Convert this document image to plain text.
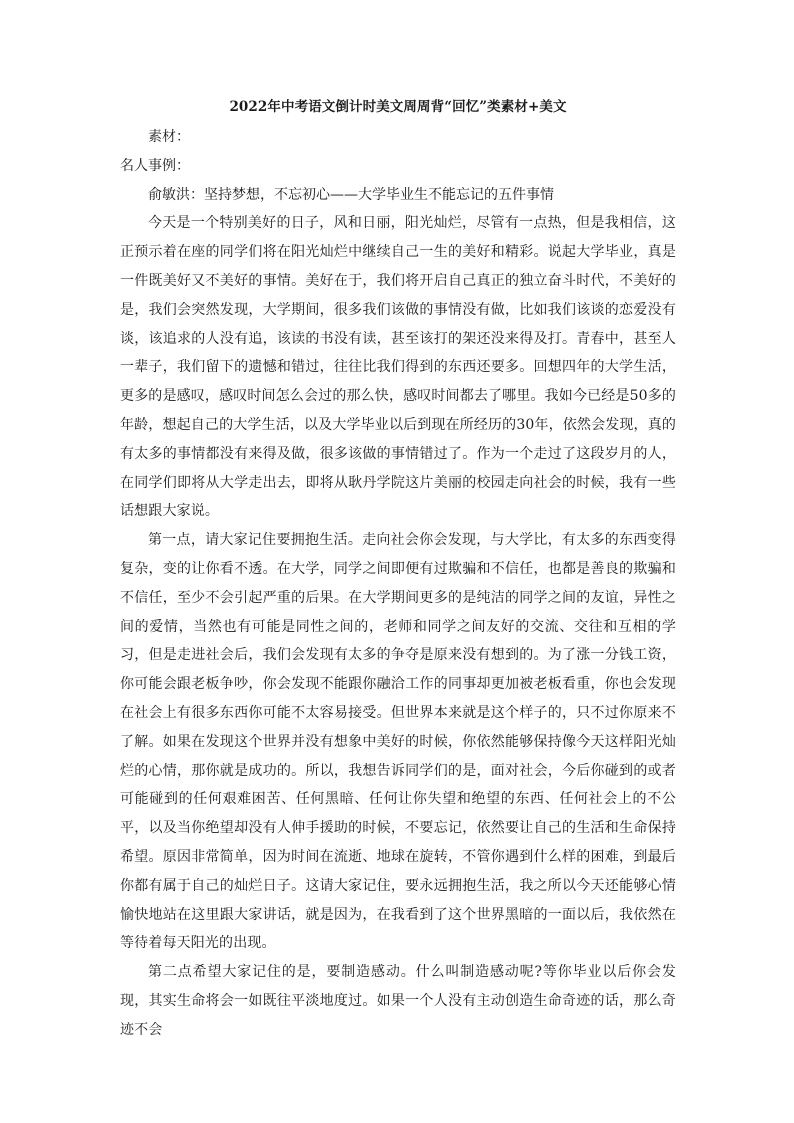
2022年中考语文倒计时美文周周背“回忆”类素材+美文
素材：
名人事例：
俞敏洪：坚持梦想，不忘初心——大学毕业生不能忘记的五件事情

今天是一个特别美好的日子，风和日丽，阳光灿烂，尽管有一点热，但是我相信，这正预示着在座的同学们将在阳光灿烂中继续自己一生的美好和精彩。说起大学毕业，真是一件既美好又不美好的事情。美好在于，我们将开启自己真正的独立奋斗时代，不美好的是，我们会突然发现，大学期间，很多我们该做的事情没有做，比如我们该谈的恋爱没有谈，该追求的人没有追，该读的书没有读，甚至该打的架还没来得及打。青春中，甚至人一辈子，我们留下的遗憾和错过，往往比我们得到的东西还要多。回想四年的大学生活，更多的是感叹，感叹时间怎么会过的那么快，感叹时间都去了哪里。我如今已经是50多的年龄，想起自己的大学生活，以及大学毕业以后到现在所经历的30年，依然会发现，真的有太多的事情都没有来得及做，很多该做的事情错过了。作为一个走过了这段岁月的人，在同学们即将从大学走出去，即将从耿丹学院这片美丽的校园走向社会的时候，我有一些话想跟大家说。

第一点，请大家记住要拥抱生活。走向社会你会发现，与大学比，有太多的东西变得复杂，变的让你看不透。在大学，同学之间即便有过欺骗和不信任，也都是善良的欺骗和不信任，至少不会引起严重的后果。在大学期间更多的是纯洁的同学之间的友谊，异性之间的爱情，当然也有可能是同性之间的，老师和同学之间友好的交流、交往和互相的学习，但是走进社会后，我们会发现有太多的争夺是原来没有想到的。为了涨一分钱工资，你可能会跟老板争吵，你会发现不能跟你融洽工作的同事却更加被老板看重，你也会发现在社会上有很多东西你可能不太容易接受。但世界本来就是这个样子的，只不过你原来不了解。如果在发现这个世界并没有想象中美好的时候，你依然能够保持像今天这样阳光灿烂的心情，那你就是成功的。所以，我想告诉同学们的是，面对社会，今后你碰到的或者可能碰到的任何艰难困苦、任何黑暗、任何让你失望和绝望的东西、任何社会上的不公平，以及当你绝望却没有人伸手援助的时候，不要忘记，依然要让自己的生活和生命保持希望。原因非常简单，因为时间在流逝、地球在旋转，不管你遇到什么样的困难，到最后你都有属于自己的灿烂日子。这请大家记住，要永远拥抱生活，我之所以今天还能够心情愉快地站在这里跟大家讲话，就是因为，在我看到了这个世界黑暗的一面以后，我依然在等待着每天阳光的出现。

第二点希望大家记住的是，要制造感动。什么叫制造感动呢?等你毕业以后你会发现，其实生命将会一如既往平淡地度过。如果一个人没有主动创造生命奇迹的话，那么奇迹不会
